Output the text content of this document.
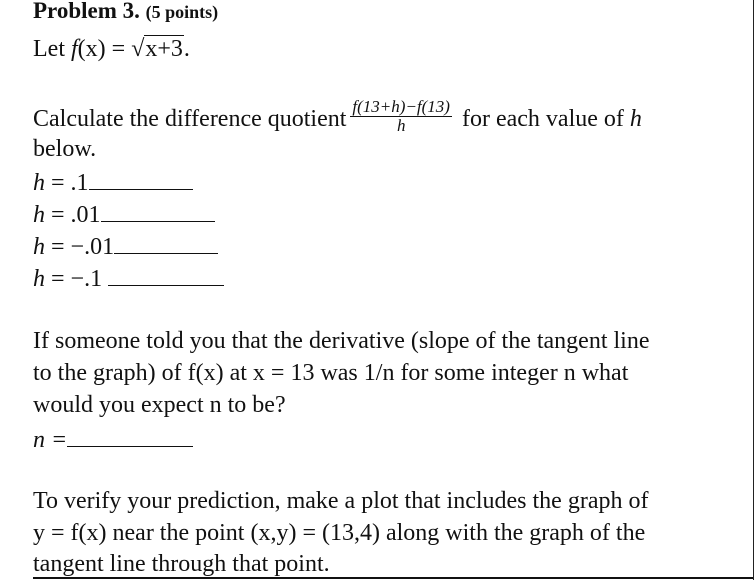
Problem 3. (5 points)
Let f(x) = √x+3.
Calculate the difference quotient $\frac{f(13+h)-f(13)}{h}$ for each value of h
below.
h = .1
h = .01
h = −.01
h = −.1
If someone told you that the derivative (slope of the tangent line
to the graph) of f(x) at x = 13 was 1/n for some integer n what
would you expect n to be?
n =
To verify your prediction, make a plot that includes the graph of
y = f(x) near the point (x,y) = (13,4) along with the graph of the
tangent line through that point.
